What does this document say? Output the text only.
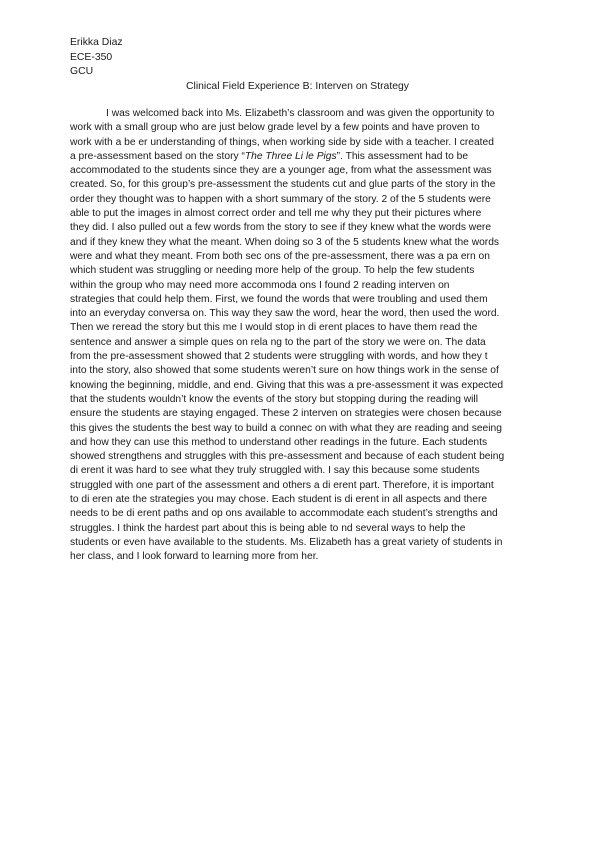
Erikka Diaz
ECE-350
GCU
Clinical Field Experience B: Interven on Strategy
I was welcomed back into Ms. Elizabeth’s classroom and was given the opportunity to
work with a small group who are just below grade level by a few points and have proven to
work with a be er understanding of things, when working side by side with a teacher. I created
a pre-assessment based on the story “The Three Li le Pigs”. This assessment had to be
accommodated to the students since they are a younger age, from what the assessment was
created. So, for this group’s pre-assessment the students cut and glue parts of the story in the
order they thought was to happen with a short summary of the story. 2 of the 5 students were
able to put the images in almost correct order and tell me why they put their pictures where
they did. I also pulled out a few words from the story to see if they knew what the words were
and if they knew they what the meant. When doing so 3 of the 5 students knew what the words
were and what they meant. From both sec ons of the pre-assessment, there was a pa ern on
which student was struggling or needing more help of the group. To help the few students
within the group who may need more accommoda ons I found 2 reading interven on
strategies that could help them. First, we found the words that were troubling and used them
into an everyday conversa on. This way they saw the word, hear the word, then used the word.
Then we reread the story but this me I would stop in di erent places to have them read the
sentence and answer a simple ques on rela ng to the part of the story we were on. The data
from the pre-assessment showed that 2 students were struggling with words, and how they t
into the story, also showed that some students weren’t sure on how things work in the sense of
knowing the beginning, middle, and end. Giving that this was a pre-assessment it was expected
that the students wouldn’t know the events of the story but stopping during the reading will
ensure the students are staying engaged. These 2 interven on strategies were chosen because
this gives the students the best way to build a connec on with what they are reading and seeing
and how they can use this method to understand other readings in the future. Each students
showed strengthens and struggles with this pre-assessment and because of each student being
di erent it was hard to see what they truly struggled with. I say this because some students
struggled with one part of the assessment and others a di erent part. Therefore, it is important
to di eren ate the strategies you may chose. Each student is di erent in all aspects and there
needs to be di erent paths and op ons available to accommodate each student’s strengths and
struggles. I think the hardest part about this is being able to nd several ways to help the
students or even have available to the students. Ms. Elizabeth has a great variety of students in
her class, and I look forward to learning more from her.
